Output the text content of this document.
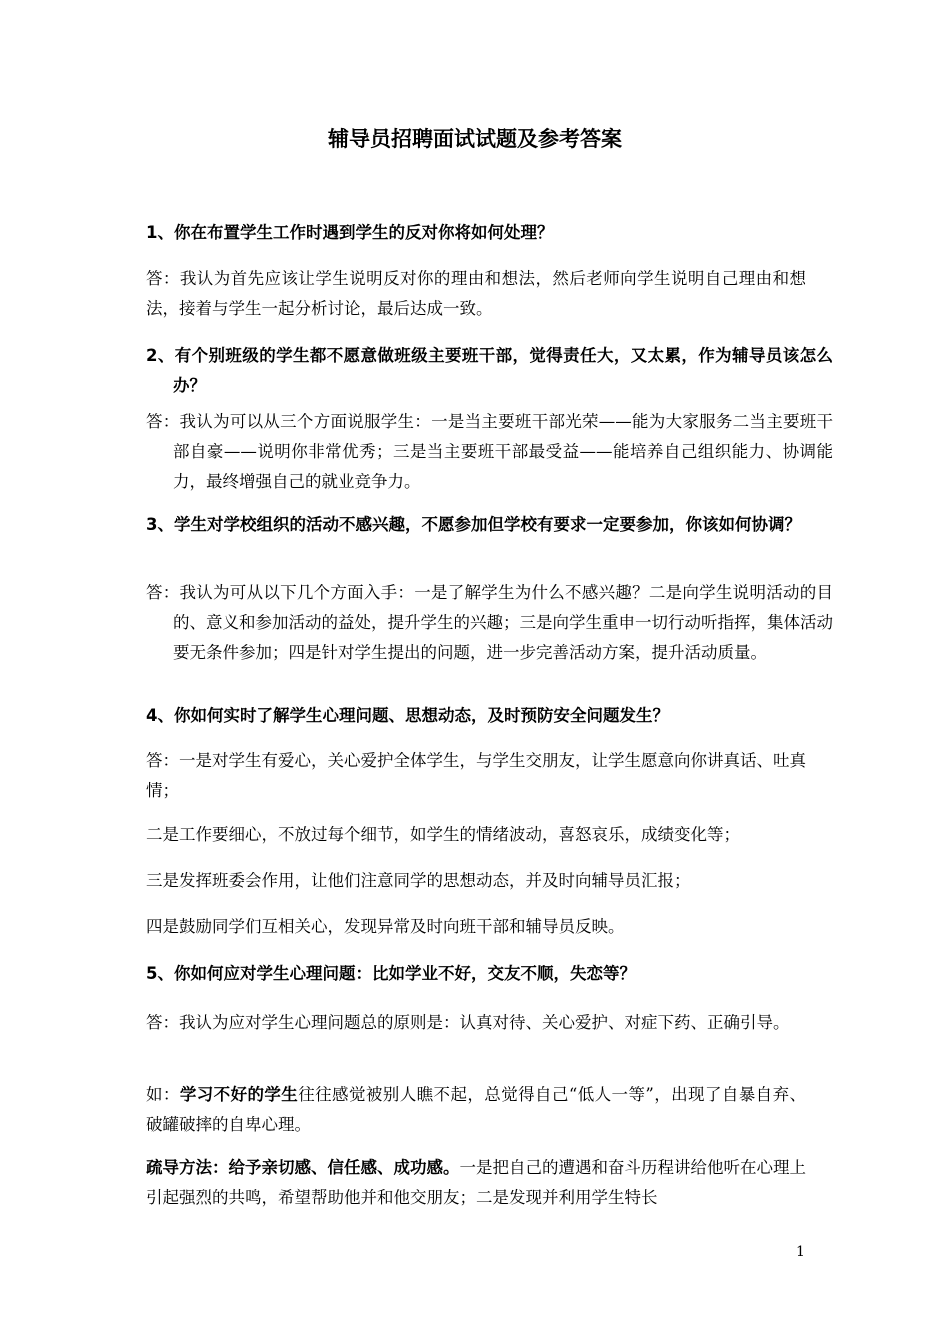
辅导员招聘面试试题及参考答案
1、你在布置学生工作时遇到学生的反对你将如何处理？

答：我认为首先应该让学生说明反对你的理由和想法，然后老师向学生说明自己理由和想法，接着与学生一起分析讨论，最后达成一致。

2、有个别班级的学生都不愿意做班级主要班干部，觉得责任大，又太累，作为辅导员该怎么办？

答：我认为可以从三个方面说服学生：一是当主要班干部光荣——能为大家服务二当主要班干部自豪——说明你非常优秀；三是当主要班干部最受益——能培养自己组织能力、协调能力，最终增强自己的就业竞争力。

3、学生对学校组织的活动不感兴趣，不愿参加但学校有要求一定要参加，你该如何协调？

答：我认为可从以下几个方面入手：一是了解学生为什么不感兴趣？二是向学生说明活动的目的、意义和参加活动的益处，提升学生的兴趣；三是向学生重申一切行动听指挥，集体活动要无条件参加；四是针对学生提出的问题，进一步完善活动方案，提升活动质量。

4、你如何实时了解学生心理问题、思想动态，及时预防安全问题发生？

答：一是对学生有爱心，关心爱护全体学生，与学生交朋友，让学生愿意向你讲真话、吐真情；

二是工作要细心，不放过每个细节，如学生的情绪波动，喜怒哀乐，成绩变化等；

三是发挥班委会作用，让他们注意同学的思想动态，并及时向辅导员汇报；

四是鼓励同学们互相关心，发现异常及时向班干部和辅导员反映。

5、你如何应对学生心理问题：比如学业不好，交友不顺，失恋等？

答：我认为应对学生心理问题总的原则是：认真对待、关心爱护、对症下药、正确引导。

如：学习不好的学生往往感觉被别人瞧不起，总觉得自己“低人一等”，出现了自暴自弃、破罐破摔的自卑心理。

疏导方法：给予亲切感、信任感、成功感。一是把自己的遭遇和奋斗历程讲给他听在心理上引起强烈的共鸣，希望帮助他并和他交朋友；二是发现并利用学生特长

1
